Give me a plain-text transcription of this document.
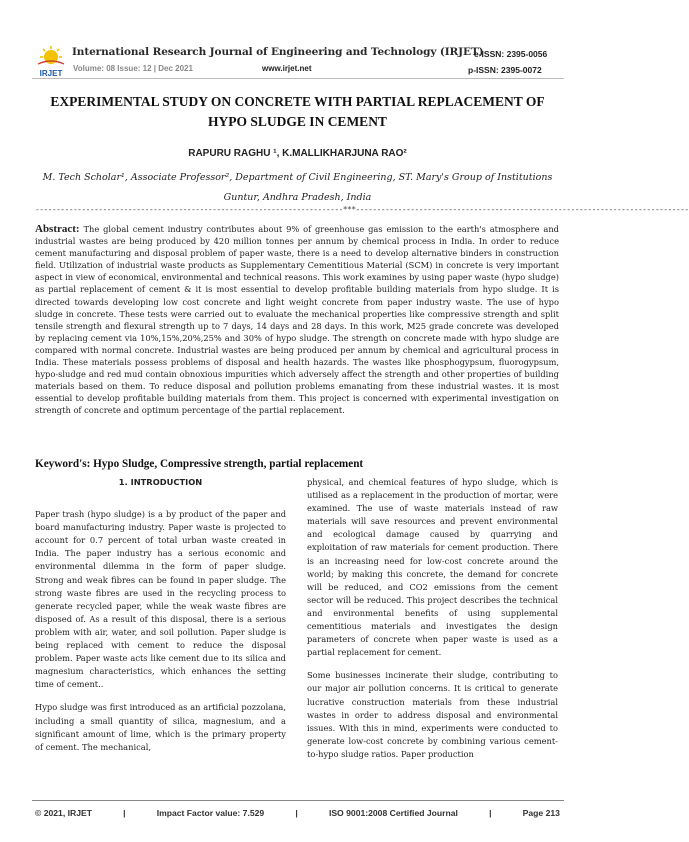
IRJET
International Research Journal of Engineering and Technology (IRJET)
Volume: 08 Issue: 12 | Dec 2021	www.irjet.net
e-ISSN: 2395-0056
p-ISSN: 2395-0072
EXPERIMENTAL STUDY ON CONCRETE WITH PARTIAL REPLACEMENT OF HYPO SLUDGE IN CEMENT
RAPURU RAGHU ¹, K.MALLIKHARJUNA RAO²
M. Tech Scholar¹, Associate Professor², Department of Civil Engineering, ST. Mary's Group of Institutions Guntur, Andhra Pradesh, India
-------------------------------------------------------------------------***-------------------------------------------------------------------------------
Abstract: The global cement industry contributes about 9% of greenhouse gas emission to the earth's atmosphere and industrial wastes are being produced by 420 million tonnes per annum by chemical process in India. In order to reduce cement manufacturing and disposal problem of paper waste, there is a need to develop alternative binders in construction field. Utilization of industrial waste products as Supplementary Cementitious Material (SCM) in concrete is very important aspect in view of economical, environmental and technical reasons. This work examines by using paper waste (hypo sludge) as partial replacement of cement & it is most essential to develop profitable building materials from hypo sludge. It is directed towards developing low cost concrete and light weight concrete from paper industry waste. The use of hypo sludge in concrete. These tests were carried out to evaluate the mechanical properties like compressive strength and split tensile strength and flexural strength up to 7 days, 14 days and 28 days. In this work, M25 grade concrete was developed by replacing cement via 10%,15%,20%,25% and 30% of hypo sludge. The strength on concrete made with hypo sludge are compared with normal concrete. Industrial wastes are being produced per annum by chemical and agricultural process in India. These materials possess problems of disposal and health hazards. The wastes like phosphogypsum, fluorogypsum, hypo-sludge and red mud contain obnoxious impurities which adversely affect the strength and other properties of building materials based on them. To reduce disposal and pollution problems emanating from these industrial wastes. it is most essential to develop profitable building materials from them. This project is concerned with experimental investigation on strength of concrete and optimum percentage of the partial replacement.
Keyword's: Hypo Sludge, Compressive strength, partial replacement

1. INTRODUCTION

Paper trash (hypo sludge) is a by product of the paper and board manufacturing industry. Paper waste is projected to account for 0.7 percent of total urban waste created in India. The paper industry has a serious economic and environmental dilemma in the form of paper sludge. Strong and weak fibres can be found in paper sludge. The strong waste fibres are used in the recycling process to generate recycled paper, while the weak waste fibres are disposed of. As a result of this disposal, there is a serious problem with air, water, and soil pollution. Paper sludge is being replaced with cement to reduce the disposal problem. Paper waste acts like cement due to its silica and magnesium characteristics, which enhances the setting time of cement..

Hypo sludge was first introduced as an artificial pozzolana, including a small quantity of silica, magnesium, and a significant amount of lime, which is the primary property of cement. The mechanical,

physical, and chemical features of hypo sludge, which is utilised as a replacement in the production of mortar, were examined. The use of waste materials instead of raw materials will save resources and prevent environmental and ecological damage caused by quarrying and exploitation of raw materials for cement production. There is an increasing need for low-cost concrete around the world; by making this concrete, the demand for concrete will be reduced, and CO2 emissions from the cement sector will be reduced. This project describes the technical and environmental benefits of using supplemental cementitious materials and investigates the design parameters of concrete when paper waste is used as a partial replacement for cement.

Some businesses incinerate their sludge, contributing to our major air pollution concerns. It is critical to generate lucrative construction materials from these industrial wastes in order to address disposal and environmental issues. With this in mind, experiments were conducted to generate low-cost concrete by combining various cement-to-hypo sludge ratios. Paper production

© 2021, IRJET	|	Impact Factor value: 7.529	|	ISO 9001:2008 Certified Journal	|	Page 213
